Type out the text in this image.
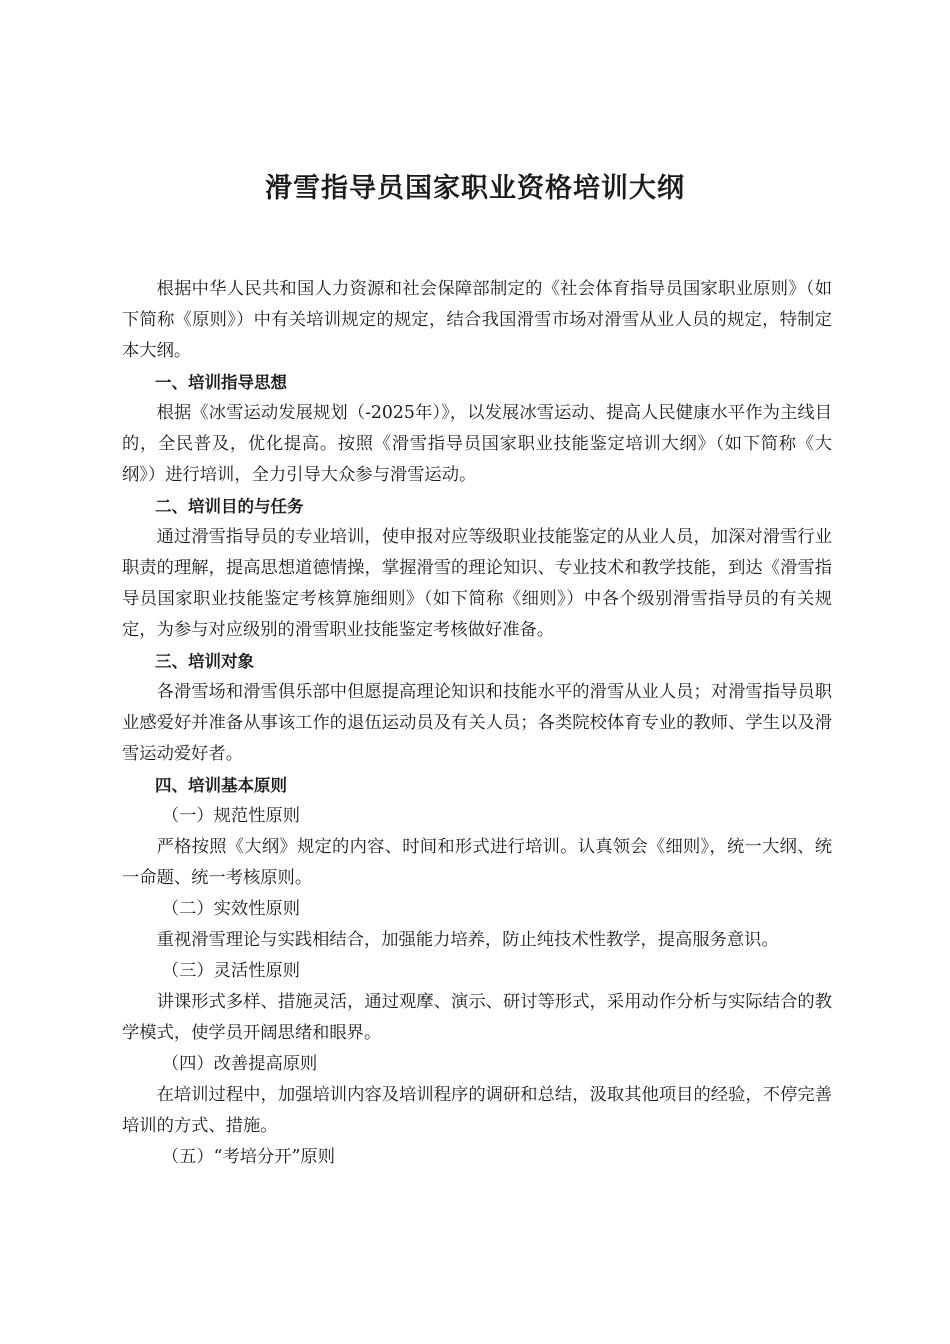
滑雪指导员国家职业资格培训大纲

根据中华人民共和国人力资源和社会保障部制定的《社会体育指导员国家职业原则》（如下简称《原则》）中有关培训规定的规定，结合我国滑雪市场对滑雪从业人员的规定，特制定本大纲。

一、培训指导思想

根据《冰雪运动发展规划（-2025年）》，以发展冰雪运动、提高人民健康水平作为主线目的，全民普及，优化提高。按照《滑雪指导员国家职业技能鉴定培训大纲》（如下简称《大纲》）进行培训，全力引导大众参与滑雪运动。

二、培训目的与任务

通过滑雪指导员的专业培训，使申报对应等级职业技能鉴定的从业人员，加深对滑雪行业职责的理解，提高思想道德情操，掌握滑雪的理论知识、专业技术和教学技能，到达《滑雪指导员国家职业技能鉴定考核算施细则》（如下简称《细则》）中各个级别滑雪指导员的有关规定，为参与对应级别的滑雪职业技能鉴定考核做好准备。

三、培训对象

各滑雪场和滑雪俱乐部中但愿提高理论知识和技能水平的滑雪从业人员；对滑雪指导员职业感爱好并准备从事该工作的退伍运动员及有关人员；各类院校体育专业的教师、学生以及滑雪运动爱好者。

四、培训基本原则

（一）规范性原则

严格按照《大纲》规定的内容、时间和形式进行培训。认真领会《细则》，统一大纲、统一命题、统一考核原则。

（二）实效性原则

重视滑雪理论与实践相结合，加强能力培养，防止纯技术性教学，提高服务意识。

（三）灵活性原则

讲课形式多样、措施灵活，通过观摩、演示、研讨等形式，采用动作分析与实际结合的教学模式，使学员开阔思绪和眼界。

（四）改善提高原则

在培训过程中，加强培训内容及培训程序的调研和总结，汲取其他项目的经验，不停完善培训的方式、措施。

（五）“考培分开”原则
